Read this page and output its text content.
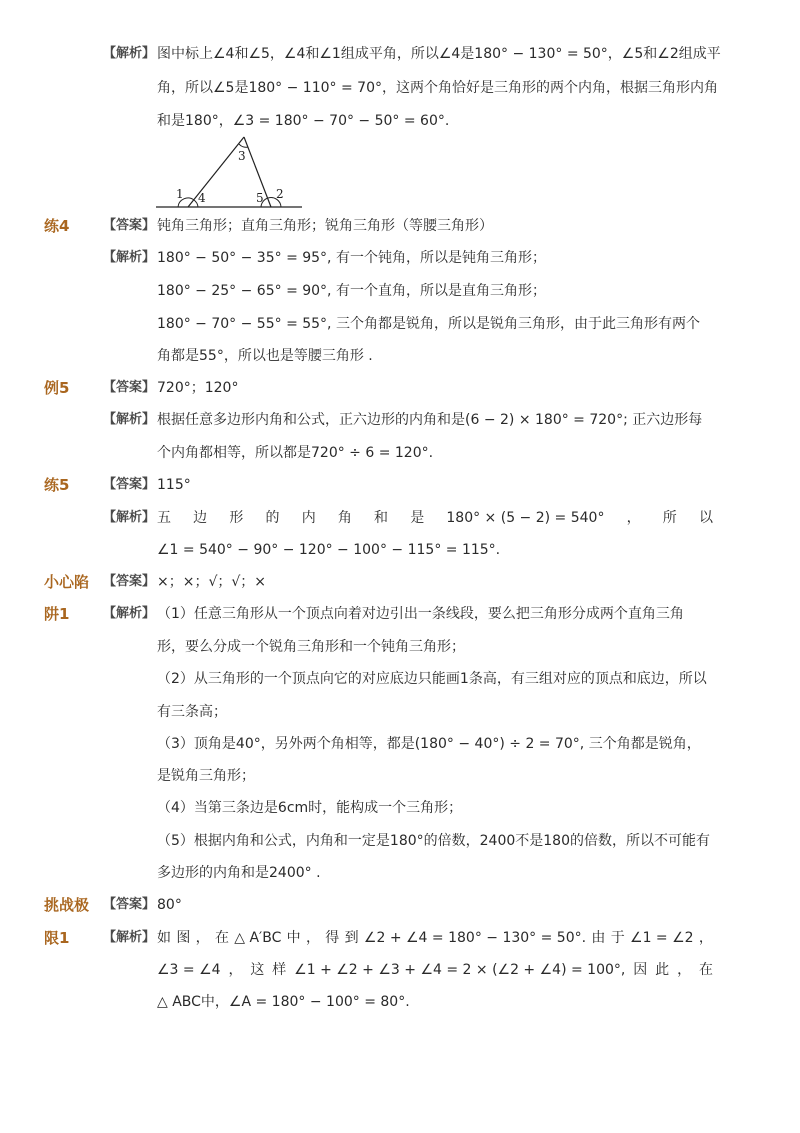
【解析】 图中标上∠4和∠5，∠4和∠1组成平角，所以∠4是180° − 130° = 50°，∠5和∠2组成平
角，所以∠5是180° − 110° = 70°，这两个角恰好是三角形的两个内角，根据三角形内角
和是180°，∠3 = 180° − 70° − 50° = 60°.
1	2
3
4	5
练4	【答案】 钝角三角形；直角三角形；锐角三角形（等腰三角形）
【解析】 180° − 50° − 35° = 95°, 有一个钝角，所以是钝角三角形；
180° − 25° − 65° = 90°, 有一个直角，所以是直角三角形；
180° − 70° − 55° = 55°, 三个角都是锐角，所以是锐角三角形，由于此三角形有两个
角都是55°，所以也是等腰三角形 .
例5	【答案】 720°；120°
【解析】 根据任意多边形内角和公式，正六边形的内角和是(6 − 2) × 180° = 720°; 正六边形每
个内角都相等，所以都是720° ÷ 6 = 120°.
练5	【答案】 115°
【解析】 五 边 形 的 内 角 和 是 180° × (5 − 2) = 540° ， 所 以
∠1 = 540° − 90° − 120° − 100° − 115° = 115°.
小心陷
阱1
【答案】 ×；×；√；√；×
【解析】 （1）任意三角形从一个顶点向着对边引出一条线段，要么把三角形分成两个直角三角
形，要么分成一个锐角三角形和一个钝角三角形；
（2）从三角形的一个顶点向它的对应底边只能画1条高，有三组对应的顶点和底边，所以
有三条高；
（3）顶角是40°，另外两个角相等，都是(180° − 40°) ÷ 2 = 70°, 三个角都是锐角，
是锐角三角形；
（4）当第三条边是6cm时，能构成一个三角形；
（5）根据内角和公式，内角和一定是180°的倍数，2400不是180的倍数，所以不可能有
多边形的内角和是2400° .
挑战极
限1
【答案】 80°
【解析】 如 图 ， 在 △ A′BC 中 ， 得 到 ∠2 + ∠4 = 180° − 130° = 50°. 由 于 ∠1 = ∠2 ，
∠3 = ∠4 ， 这 样 ∠1 + ∠2 + ∠3 + ∠4 = 2 × (∠2 + ∠4) = 100°, 因 此 ， 在
△ ABC中，∠A = 180° − 100° = 80°.
